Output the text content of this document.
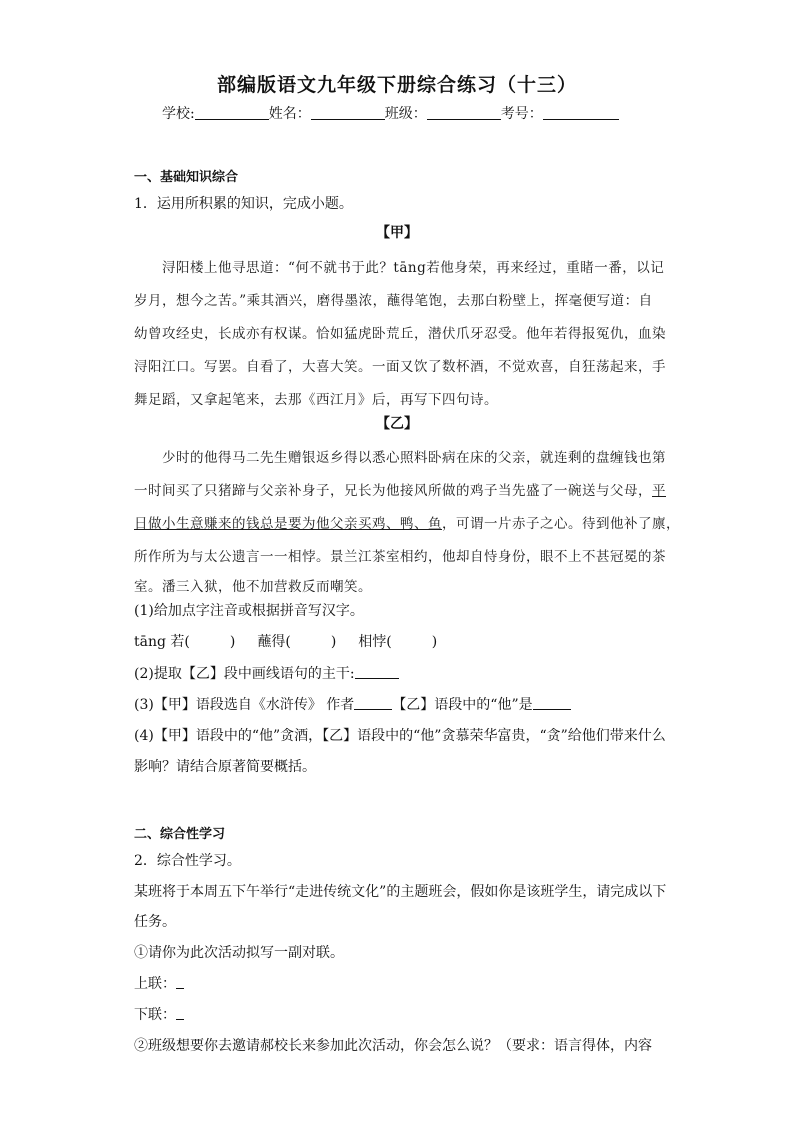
部编版语文九年级下册综合练习（十三）
学校:	姓名：	班级：	考号：
一、基础知识综合
1．运用所积累的知识，完成小题。
【甲】
浔阳楼上他寻思道：“何不就书于此？tāng若他身荣，再来经过，重睹一番，以记
岁月，想今之苦。”乘其酒兴，磨得墨浓，蘸得笔饱，去那白粉壁上，挥毫便写道：自
幼曾攻经史，长成亦有权谋。恰如猛虎卧荒丘，潜伏爪牙忍受。他年若得报冤仇，血染
浔阳江口。写罢。自看了，大喜大笑。一面又饮了数杯酒，不觉欢喜，自狂荡起来，手
舞足蹈，又拿起笔来，去那《西江月》后，再写下四句诗。
【乙】
少时的他得马二先生赠银返乡得以悉心照料卧病在床的父亲，就连剩的盘缠钱也第
一时间买了只猪蹄与父亲补身子，兄长为他接风所做的鸡子当先盛了一碗送与父母，平
日做小生意赚来的钱总是要为他父亲买鸡、鸭、鱼，可谓一片赤子之心。待到他补了廪，
所作所为与太公遗言一一相悖。景兰江茶室相约，他却自恃身份，眼不上不甚冠冕的茶
室。潘三入狱，他不加营救反而嘲笑。
(1)给加点字注音或根据拼音写汉字。
tāng 若(	) 蘸得(	) 相悖(	)
(2)提取【乙】段中画线语句的主干:
(3)【甲】语段选自《水浒传》 作者	【乙】语段中的“他”是
(4)【甲】语段中的“他”贪酒，【乙】语段中的“他”贪慕荣华富贵，“贪”给他们带来什么
影响？请结合原著简要概括。
二、综合性学习
2．综合性学习。
某班将于本周五下午举行“走进传统文化”的主题班会，假如你是该班学生，请完成以下
任务。
①请你为此次活动拟写一副对联。
上联：
下联：
②班级想要你去邀请郝校长来参加此次活动，你会怎么说？（要求：语言得体，内容
